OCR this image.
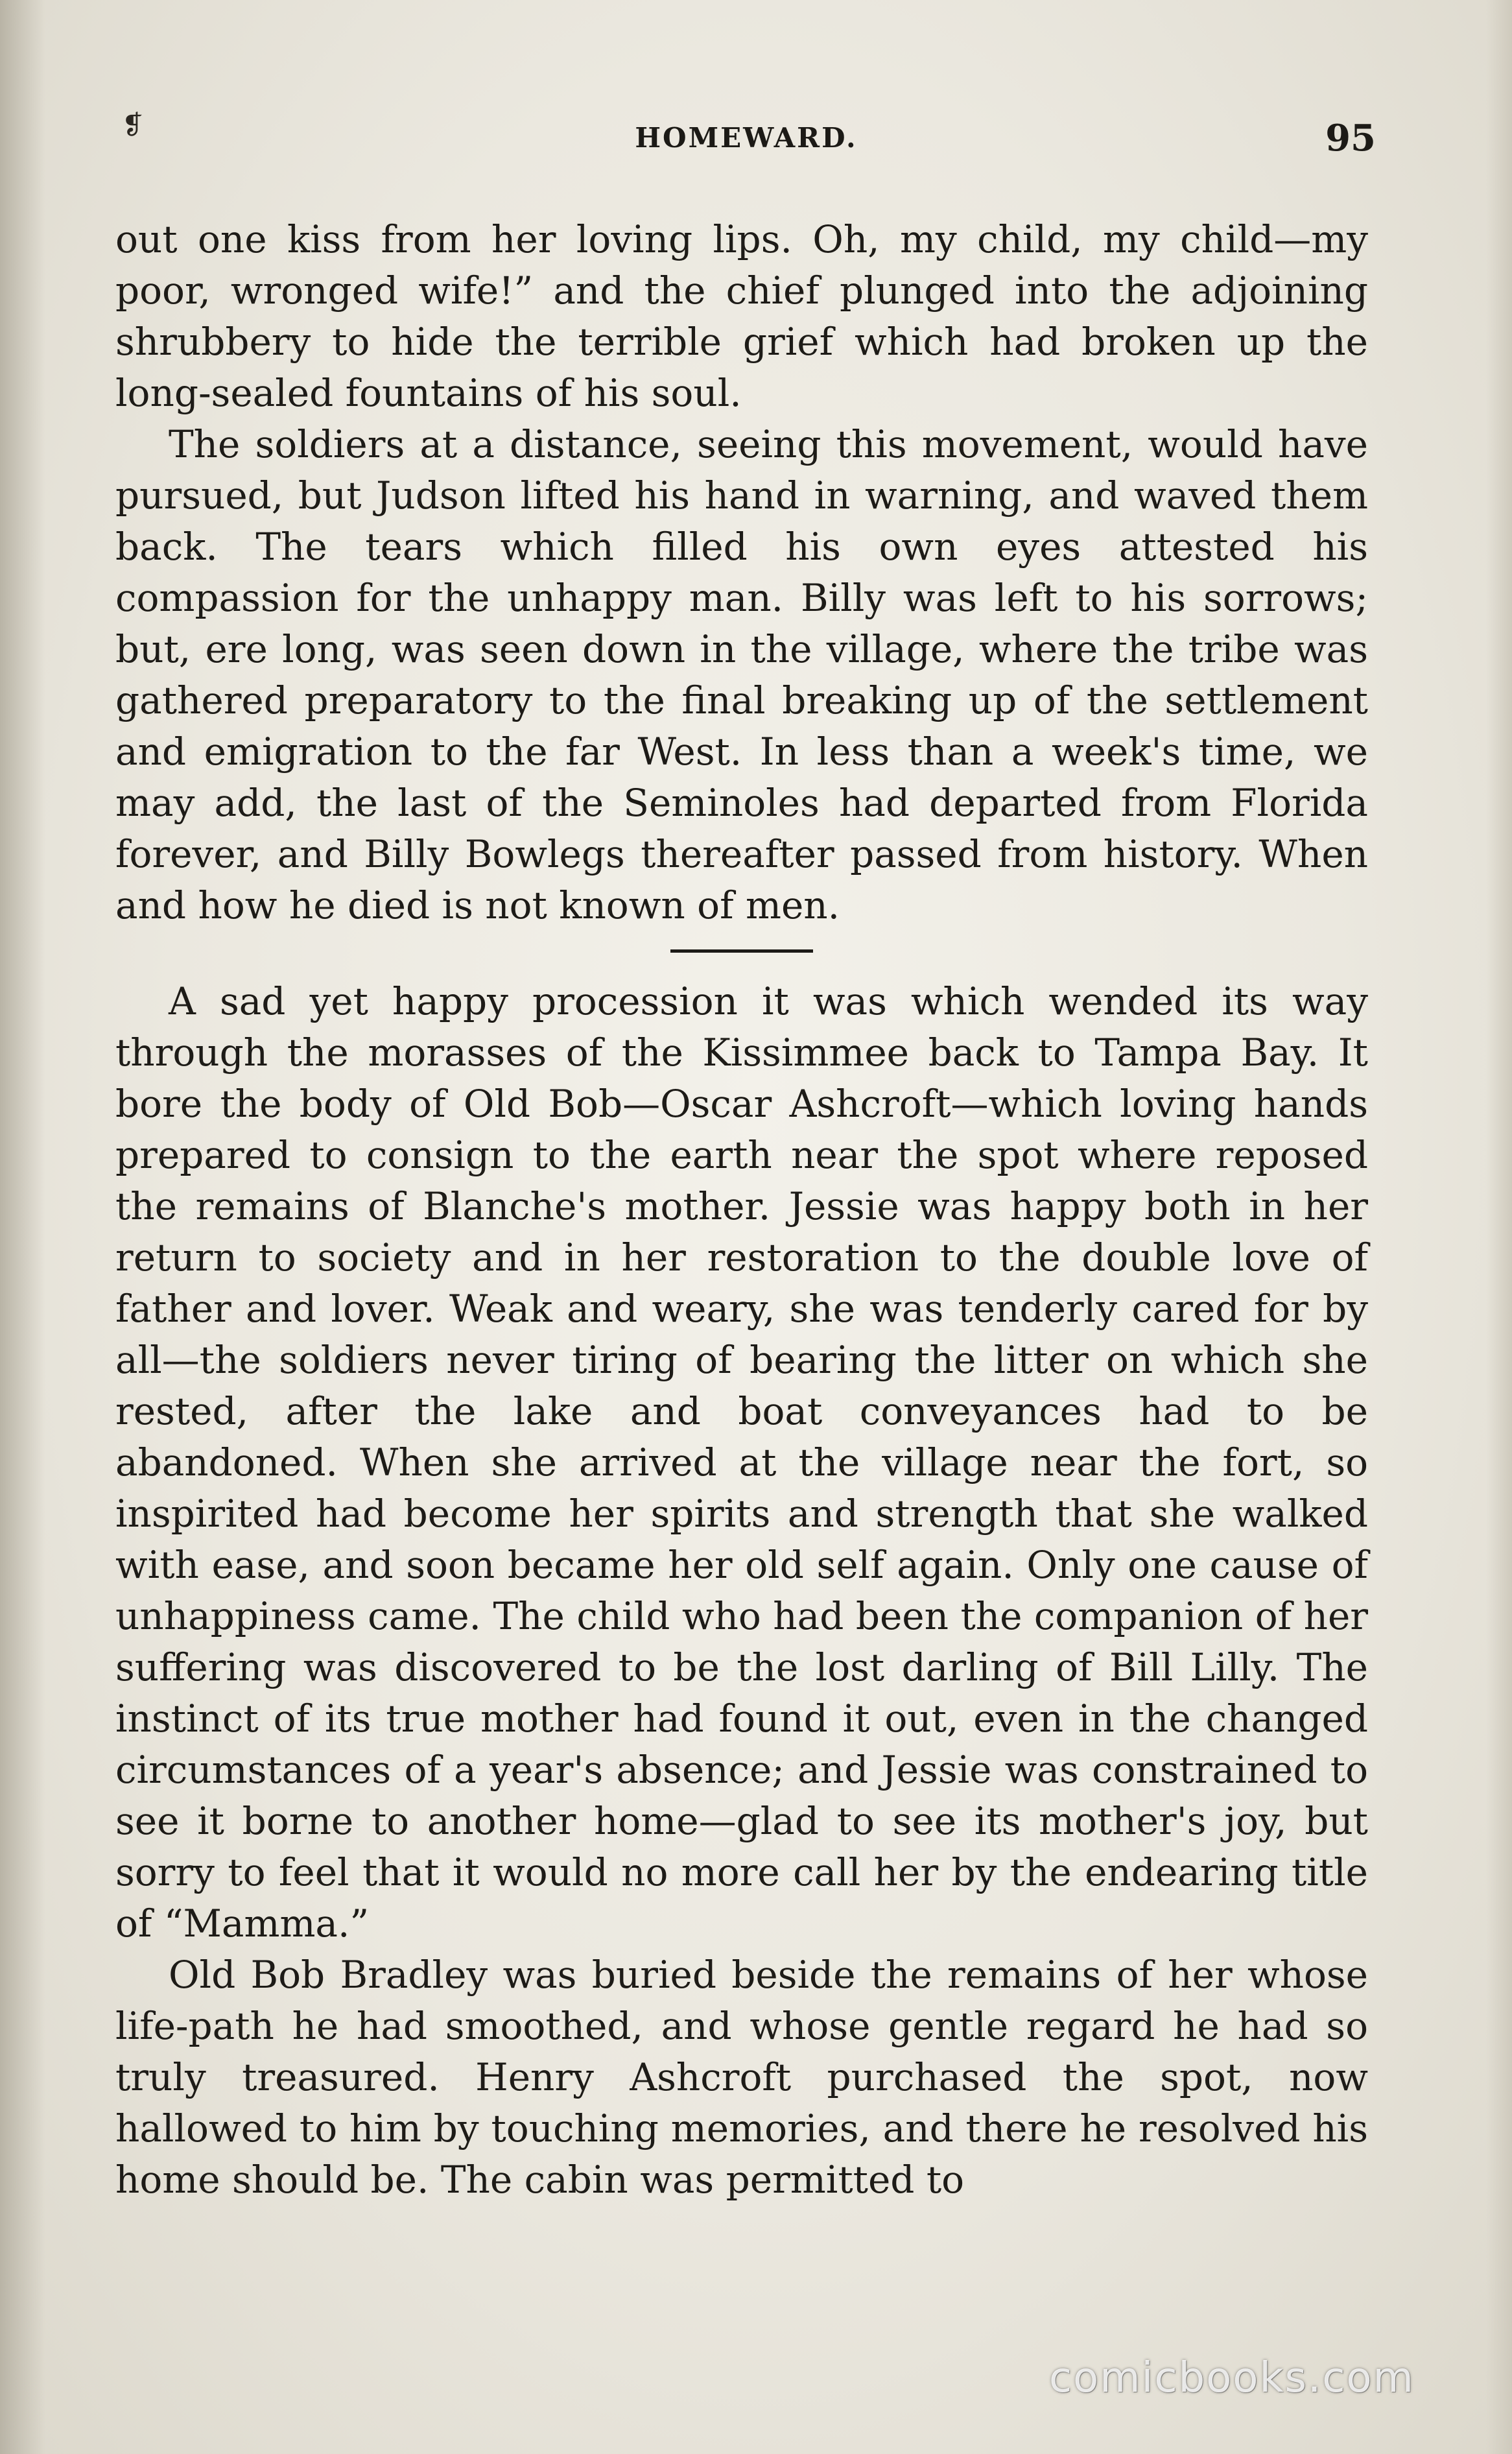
❡	HOMEWARD.	95

out one kiss from her loving lips. Oh, my child, my child—my poor, wronged wife!” and the chief plunged into the adjoining shrubbery to hide the terrible grief which had broken up the long-sealed fountains of his soul.

The soldiers at a distance, seeing this movement, would have pursued, but Judson lifted his hand in warning, and waved them back. The tears which filled his own eyes attested his compassion for the unhappy man. Billy was left to his sorrows; but, ere long, was seen down in the village, where the tribe was gathered preparatory to the final breaking up of the settlement and emigration to the far West. In less than a week's time, we may add, the last of the Seminoles had departed from Florida forever, and Billy Bowlegs thereafter passed from history. When and how he died is not known of men.

A sad yet happy procession it was which wended its way through the morasses of the Kissimmee back to Tampa Bay. It bore the body of Old Bob—Oscar Ashcroft—which loving hands prepared to consign to the earth near the spot where reposed the remains of Blanche's mother. Jessie was happy both in her return to society and in her restoration to the double love of father and lover. Weak and weary, she was tenderly cared for by all—the soldiers never tiring of bearing the litter on which she rested, after the lake and boat conveyances had to be abandoned. When she arrived at the village near the fort, so inspirited had become her spirits and strength that she walked with ease, and soon became her old self again. Only one cause of unhappiness came. The child who had been the companion of her suffering was discovered to be the lost darling of Bill Lilly. The instinct of its true mother had found it out, even in the changed circumstances of a year's absence; and Jessie was constrained to see it borne to another home—glad to see its mother's joy, but sorry to feel that it would no more call her by the endearing title of “Mamma.”

Old Bob Bradley was buried beside the remains of her whose life-path he had smoothed, and whose gentle regard he had so truly treasured. Henry Ashcroft purchased the spot, now hallowed to him by touching memories, and there he resolved his home should be. The cabin was permitted to

comicbooks.com
